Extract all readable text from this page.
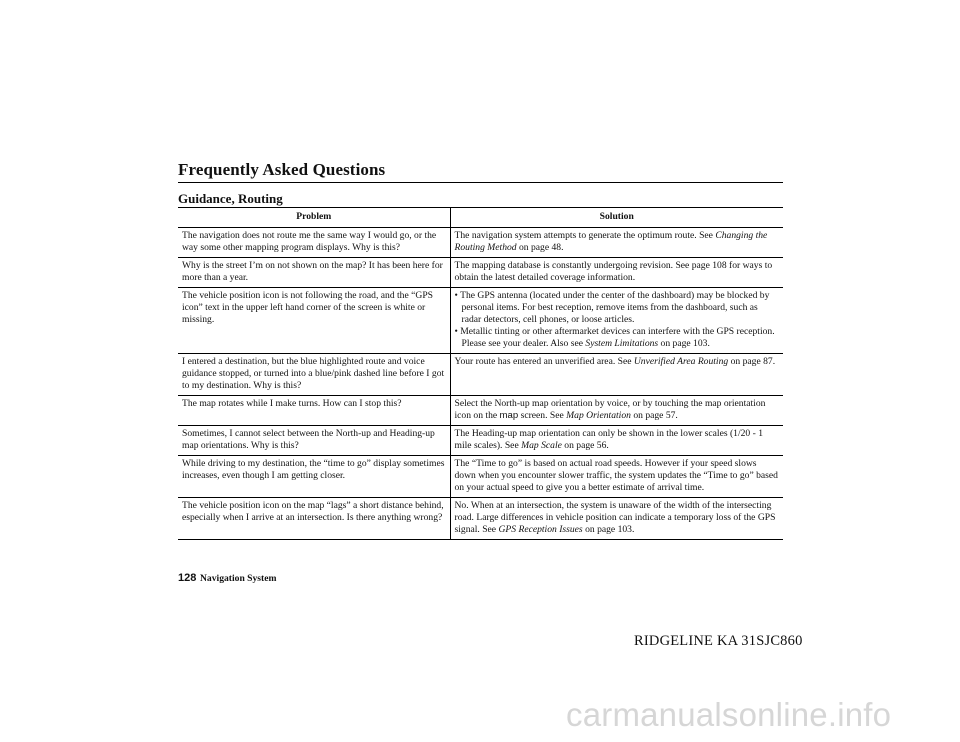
Frequently Asked Questions
Guidance, Routing
Problem	Solution
The navigation does not route me the same way I would go, or the way some other mapping program displays. Why is this?	The navigation system attempts to generate the optimum route. See Changing the Routing Method on page 48.
Why is the street I’m on not shown on the map? It has been here for more than a year.	The mapping database is constantly undergoing revision. See page 108 for ways to obtain the latest detailed coverage information.
The vehicle position icon is not following the road, and the “GPS icon” text in the upper left hand corner of the screen is white or missing.	• The GPS antenna (located under the center of the dashboard) may be blocked by personal items. For best reception, remove items from the dashboard, such as radar detectors, cell phones, or loose articles.
• Metallic tinting or other aftermarket devices can interfere with the GPS reception. Please see your dealer. Also see System Limitations on page 103.

I entered a destination, but the blue highlighted route and voice guidance stopped, or turned into a blue/pink dashed line before I got to my destination. Why is this?	Your route has entered an unverified area. See Unverified Area Routing on page 87.
The map rotates while I make turns. How can I stop this?	Select the North-up map orientation by voice, or by touching the map orientation icon on the map screen. See Map Orientation on page 57.
Sometimes, I cannot select between the North-up and Heading-up map orientations. Why is this?	The Heading-up map orientation can only be shown in the lower scales (1/20 - 1 mile scales). See Map Scale on page 56.
While driving to my destination, the “time to go” display sometimes increases, even though I am getting closer.	The “Time to go” is based on actual road speeds. However if your speed slows down when you encounter slower traffic, the system updates the “Time to go” based on your actual speed to give you a better estimate of arrival time.
The vehicle position icon on the map “lags” a short distance behind, especially when I arrive at an intersection. Is there anything wrong?	No. When at an intersection, the system is unaware of the width of the intersecting road. Large differences in vehicle position can indicate a temporary loss of the GPS signal. See GPS Reception Issues on page 103.
128 Navigation System
RIDGELINE KA 31SJC860
carmanualsonline.info
